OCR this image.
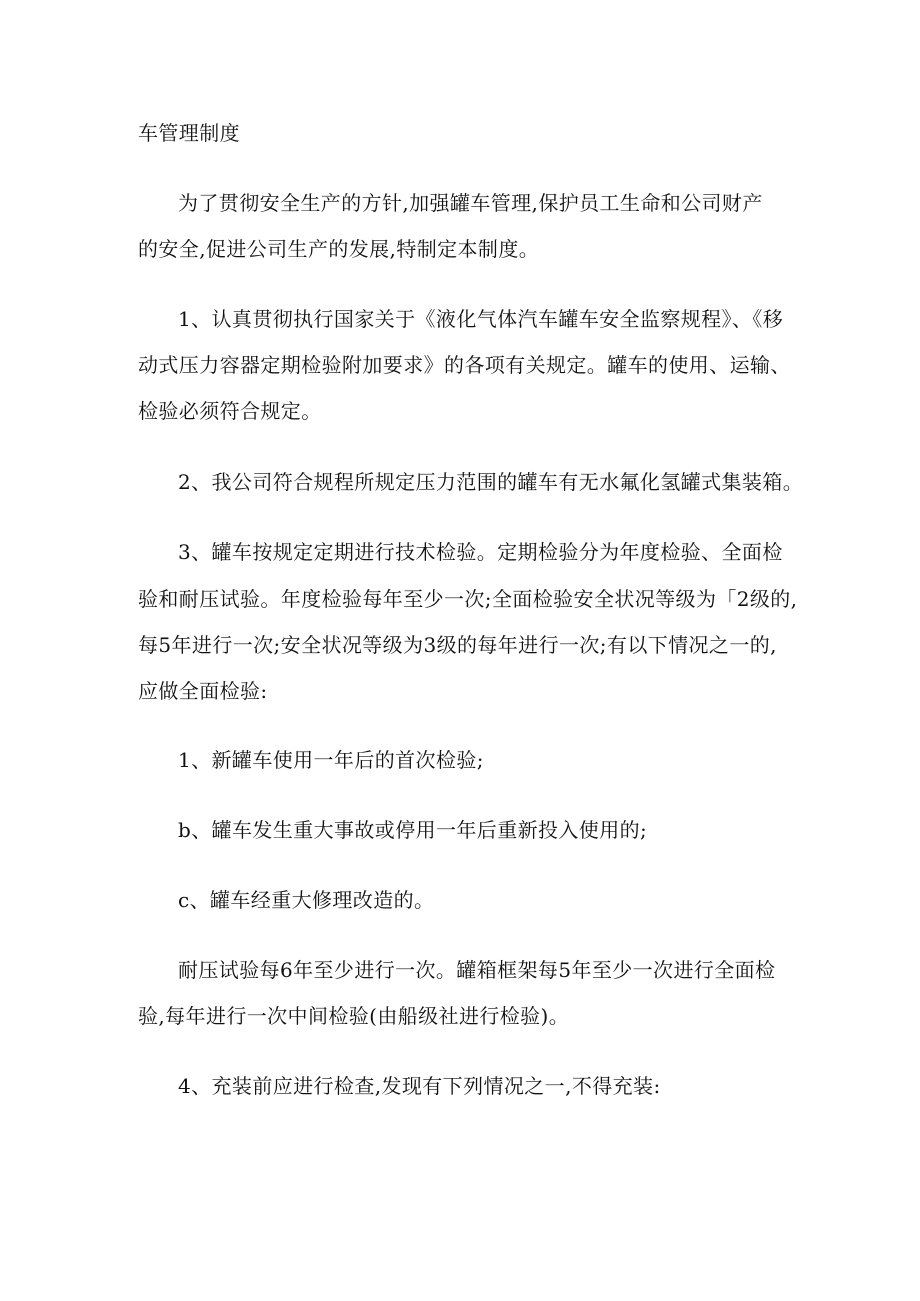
车管理制度
为了贯彻安全生产的方针,加强罐车管理,保护员工生命和公司财产
的安全,促进公司生产的发展,特制定本制度。
1、认真贯彻执行国家关于《液化气体汽车罐车安全监察规程》、《移
动式压力容器定期检验附加要求》的各项有关规定。罐车的使用、运输、
检验必须符合规定。
2、我公司符合规程所规定压力范围的罐车有无水氟化氢罐式集装箱。
3、罐车按规定定期进行技术检验。定期检验分为年度检验、全面检
验和耐压试验。年度检验每年至少一次;全面检验安全状况等级为「2级的,
每5年进行一次;安全状况等级为3级的每年进行一次;有以下情况之一的,
应做全面检验:
1、新罐车使用一年后的首次检验;
b、罐车发生重大事故或停用一年后重新投入使用的;
c、罐车经重大修理改造的。
耐压试验每6年至少进行一次。罐箱框架每5年至少一次进行全面检
验,每年进行一次中间检验(由船级社进行检验)。
4、充装前应进行检查,发现有下列情况之一,不得充装:
